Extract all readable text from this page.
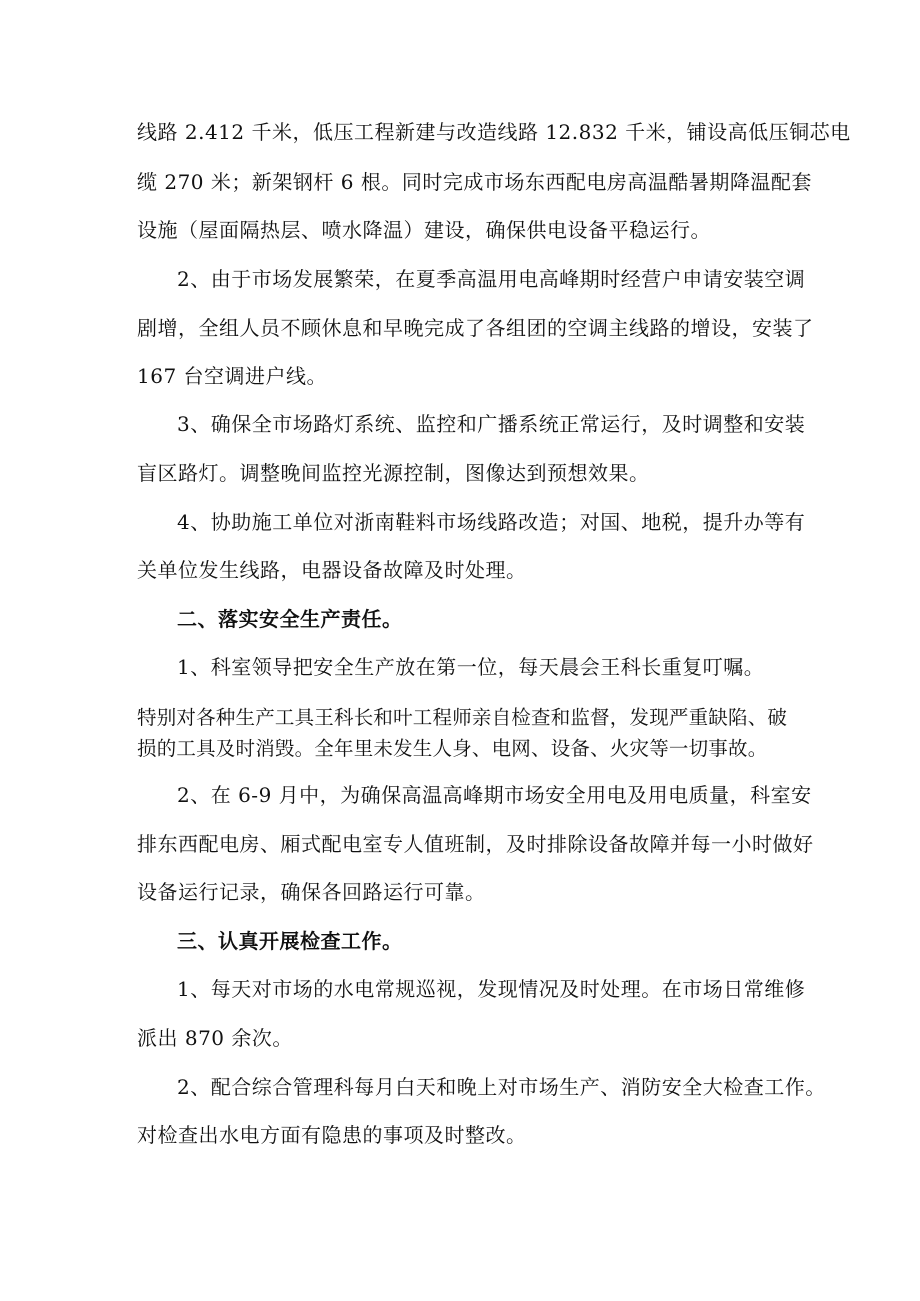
线路 2.412 千米，低压工程新建与改造线路 12.832 千米，铺设高低压铜芯电
缆 270 米；新架钢杆 6 根。同时完成市场东西配电房高温酷暑期降温配套
设施（屋面隔热层、喷水降温）建设，确保供电设备平稳运行。
2、由于市场发展繁荣，在夏季高温用电高峰期时经营户申请安装空调
剧增，全组人员不顾休息和早晚完成了各组团的空调主线路的增设，安装了
167 台空调进户线。
3、确保全市场路灯系统、监控和广播系统正常运行，及时调整和安装
盲区路灯。调整晚间监控光源控制，图像达到预想效果。
4、协助施工单位对浙南鞋料市场线路改造；对国、地税，提升办等有
关单位发生线路，电器设备故障及时处理。
二、落实安全生产责任。
1、科室领导把安全生产放在第一位，每天晨会王科长重复叮嘱。
特别对各种生产工具王科长和叶工程师亲自检查和监督，发现严重缺陷、破
损的工具及时消毁。全年里未发生人身、电网、设备、火灾等一切事故。
2、在 6-9 月中，为确保高温高峰期市场安全用电及用电质量，科室安
排东西配电房、厢式配电室专人值班制，及时排除设备故障并每一小时做好
设备运行记录，确保各回路运行可靠。
三、认真开展检查工作。
1、每天对市场的水电常规巡视，发现情况及时处理。在市场日常维修
派出 870 余次。
2、配合综合管理科每月白天和晚上对市场生产、消防安全大检查工作。
对检查出水电方面有隐患的事项及时整改。
